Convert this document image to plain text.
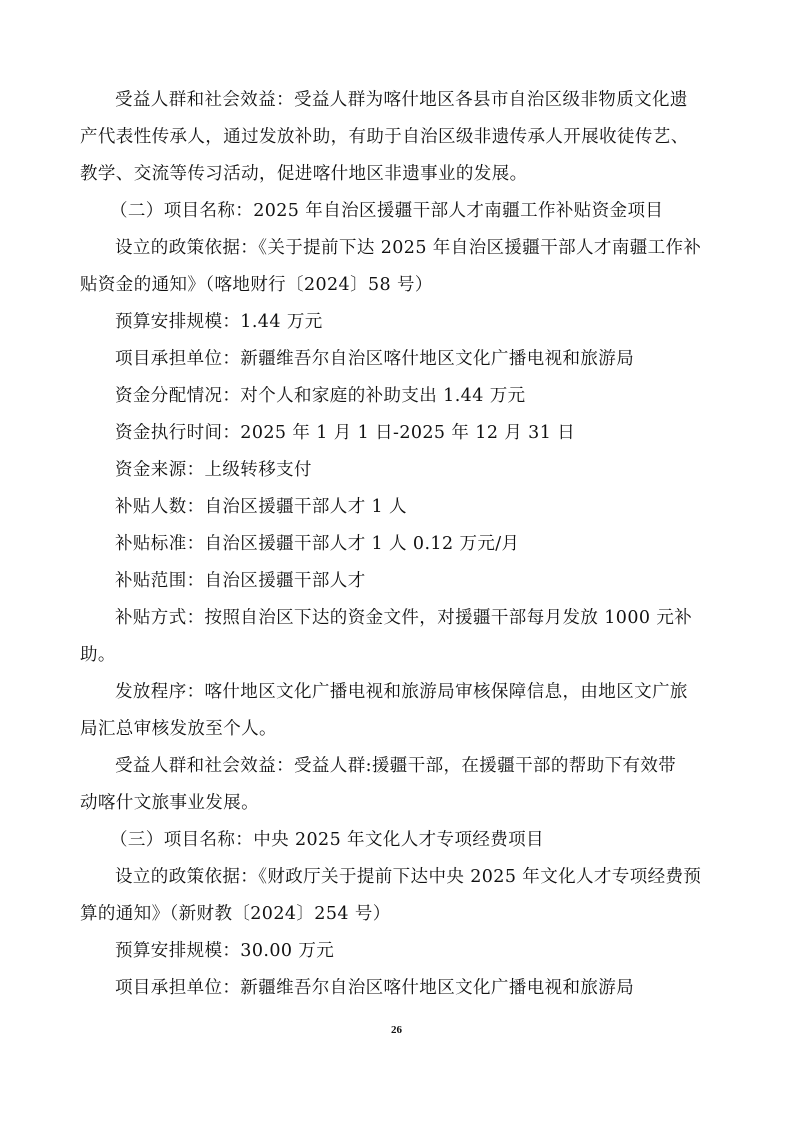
受益人群和社会效益：受益人群为喀什地区各县市自治区级非物质文化遗
产代表性传承人，通过发放补助，有助于自治区级非遗传承人开展收徒传艺、
教学、交流等传习活动，促进喀什地区非遗事业的发展。
（二）项目名称：2025 年自治区援疆干部人才南疆工作补贴资金项目
设立的政策依据：《关于提前下达 2025 年自治区援疆干部人才南疆工作补
贴资金的通知》（喀地财行〔2024〕58 号）
预算安排规模：1.44 万元
项目承担单位：新疆维吾尔自治区喀什地区文化广播电视和旅游局
资金分配情况：对个人和家庭的补助支出 1.44 万元
资金执行时间：2025 年 1 月 1 日-2025 年 12 月 31 日
资金来源：上级转移支付
补贴人数：自治区援疆干部人才 1 人
补贴标准：自治区援疆干部人才 1 人 0.12 万元/月
补贴范围：自治区援疆干部人才
补贴方式：按照自治区下达的资金文件，对援疆干部每月发放 1000 元补
助。
发放程序：喀什地区文化广播电视和旅游局审核保障信息，由地区文广旅
局汇总审核发放至个人。
受益人群和社会效益：受益人群:援疆干部，在援疆干部的帮助下有效带
动喀什文旅事业发展。
（三）项目名称：中央 2025 年文化人才专项经费项目
设立的政策依据：《财政厅关于提前下达中央 2025 年文化人才专项经费预
算的通知》（新财教〔2024〕254 号）
预算安排规模：30.00 万元
项目承担单位：新疆维吾尔自治区喀什地区文化广播电视和旅游局
26
